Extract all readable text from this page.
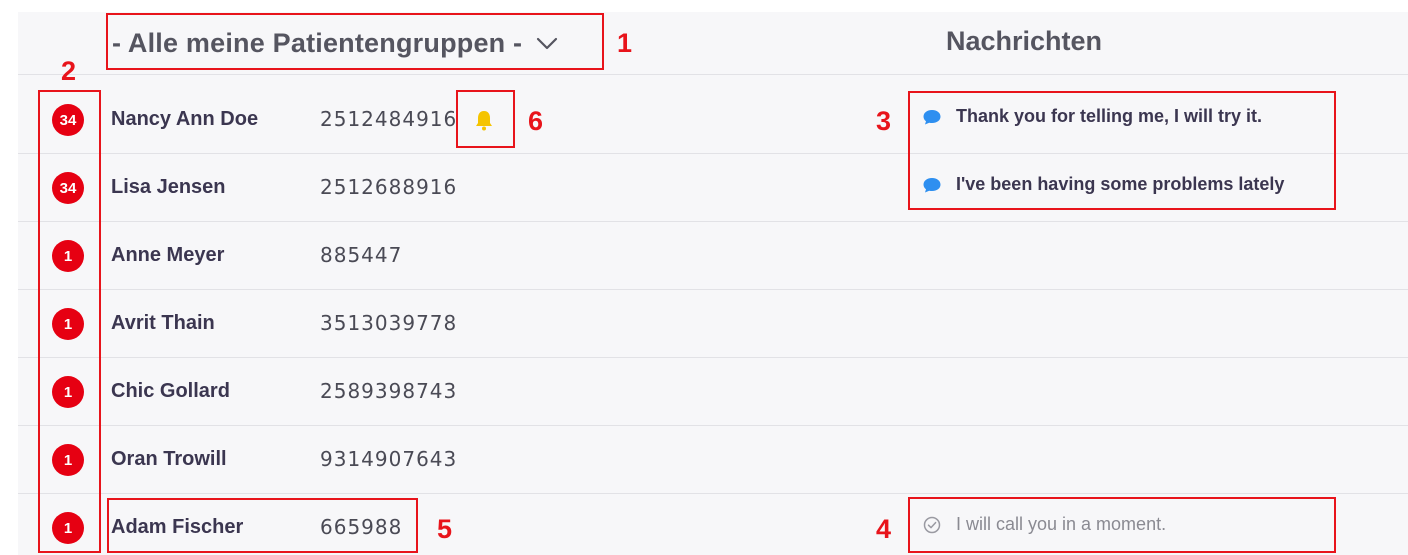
- Alle meine Patientengruppen -	Nachrichten
34	Nancy Ann Doe	2512484916	Thank you for telling me, I will try it.
34	Lisa Jensen	2512688916	I've been having some problems lately
1	Anne Meyer	885447
1	Avrit Thain	3513039778
1	Chic Gollard	2589398743
1	Oran Trowill	9314907643
1	Adam Fischer	665988	I will call you in a moment.
1
2
3
4
5
6
